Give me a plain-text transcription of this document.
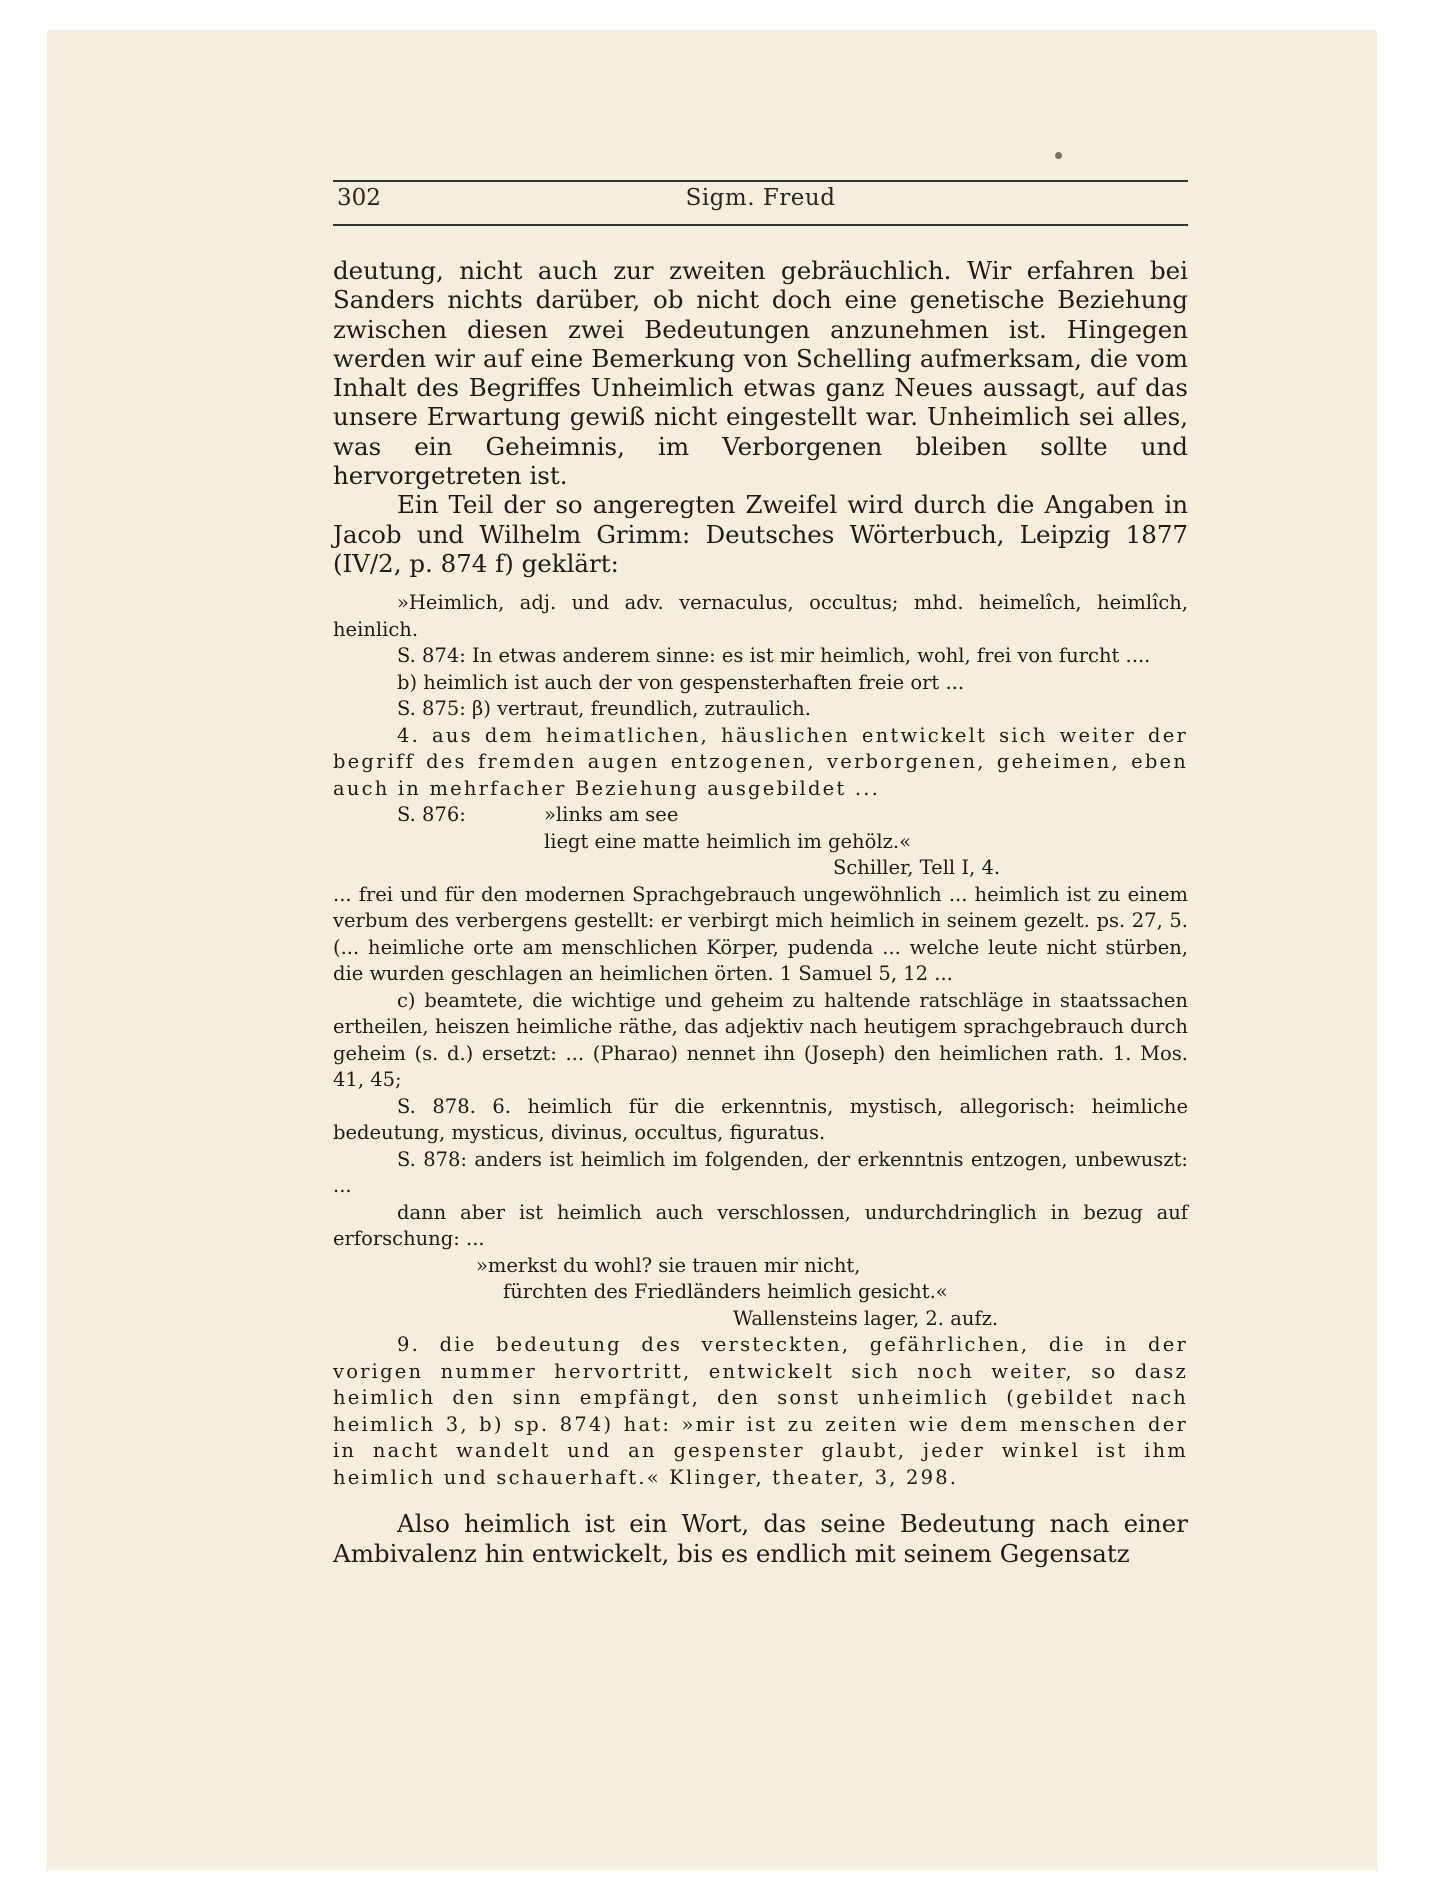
302	Sigm. Freud

deutung, nicht auch zur zweiten gebräuchlich. Wir erfahren bei Sanders nichts darüber, ob nicht doch eine genetische Beziehung zwischen diesen zwei Bedeutungen anzunehmen ist. Hingegen werden wir auf eine Bemerkung von Schelling aufmerksam, die vom Inhalt des Begriffes Unheimlich etwas ganz Neues aussagt, auf das unsere Erwartung gewiß nicht eingestellt war. Unheimlich sei alles, was ein Geheimnis, im Verborgenen bleiben sollte und hervorgetreten ist.

Ein Teil der so angeregten Zweifel wird durch die Angaben in Jacob und Wilhelm Grimm: Deutsches Wörterbuch, Leipzig 1877 (IV/2, p. 874 f) geklärt:

»Heimlich, adj. und adv. vernaculus, occultus; mhd. heimelîch, heimlîch, heinlich.

S. 874: In etwas anderem sinne: es ist mir heimlich, wohl, frei von furcht ....

b) heimlich ist auch der von gespensterhaften freie ort ...

S. 875: β) vertraut, freundlich, zutraulich.

4. aus dem heimatlichen, häuslichen entwickelt sich weiter der begriff des fremden augen entzogenen, verborgenen, geheimen, eben auch in mehrfacher Beziehung ausgebildet ...

S. 876:	»links am see
liegt eine matte heimlich im gehölz.«
Schiller, Tell I, 4.

... frei und für den modernen Sprachgebrauch ungewöhnlich ... heimlich ist zu einem verbum des verbergens gestellt: er verbirgt mich heimlich in seinem gezelt. ps. 27, 5. (... heimliche orte am menschlichen Körper, pudenda ... welche leute nicht stürben, die wurden geschlagen an heimlichen örten. 1 Samuel 5, 12 ...

c) beamtete, die wichtige und geheim zu haltende ratschläge in staatssachen ertheilen, heiszen heimliche räthe, das adjektiv nach heutigem sprachgebrauch durch geheim (s. d.) ersetzt: ... (Pharao) nennet ihn (Joseph) den heimlichen rath. 1. Mos. 41, 45;

S. 878. 6. heimlich für die erkenntnis, mystisch, allegorisch: heimliche bedeutung, mysticus, divinus, occultus, figuratus.

S. 878: anders ist heimlich im folgenden, der erkenntnis entzogen, unbewuszt: ...

dann aber ist heimlich auch verschlossen, undurchdringlich in bezug auf erforschung: ...

»merkst du wohl? sie trauen mir nicht,
fürchten des Friedländers heimlich gesicht.«
Wallensteins lager, 2. aufz.

9. die bedeutung des versteckten, gefährlichen, die in der vorigen nummer hervortritt, entwickelt sich noch weiter, so dasz heimlich den sinn empfängt, den sonst unheimlich (gebildet nach heimlich 3, b) sp. 874) hat: »mir ist zu zeiten wie dem menschen der in nacht wandelt und an gespenster glaubt, jeder winkel ist ihm heimlich und schauerhaft.« Klinger, theater, 3, 298.

Also heimlich ist ein Wort, das seine Bedeutung nach einer Ambivalenz hin entwickelt, bis es endlich mit seinem Gegensatz
